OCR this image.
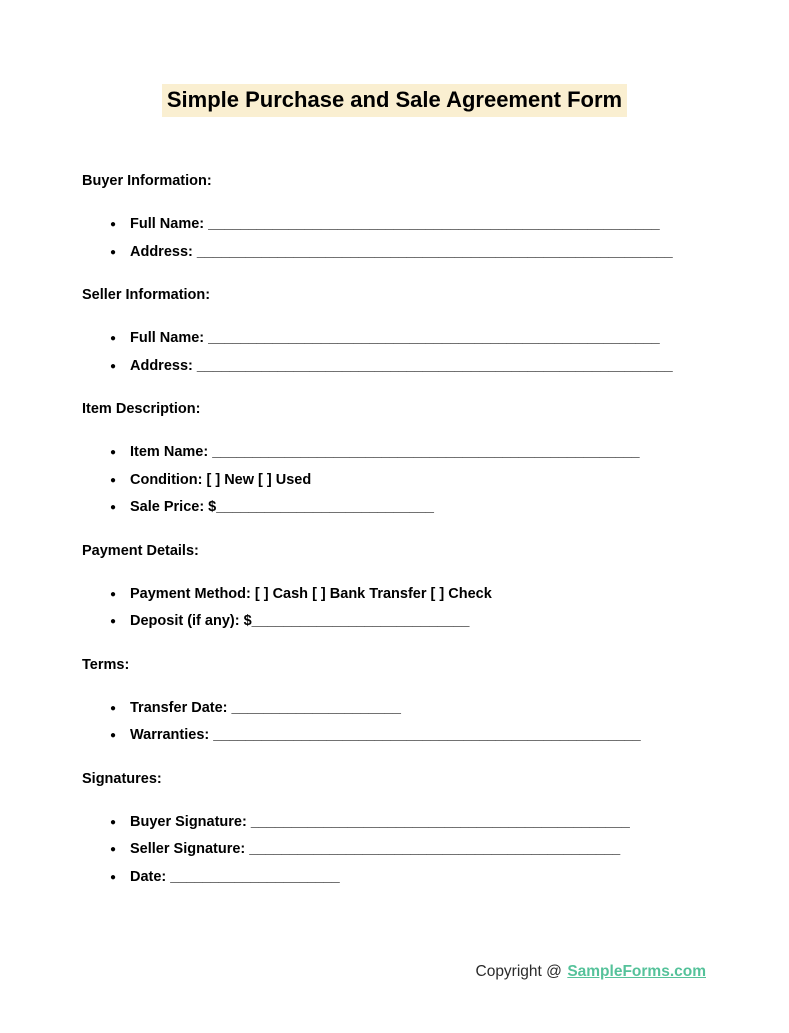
Simple Purchase and Sale Agreement Form
Buyer Information:
● Full Name: ________________________________________________________
● Address: ___________________________________________________________
Seller Information:
● Full Name: ________________________________________________________
● Address: ___________________________________________________________
Item Description:
● Item Name: _____________________________________________________
● Condition: [ ] New [ ] Used
● Sale Price: $___________________________
Payment Details:
● Payment Method: [ ] Cash [ ] Bank Transfer [ ] Check
● Deposit (if any): $___________________________
Terms:
● Transfer Date: _____________________
● Warranties: _____________________________________________________
Signatures:
● Buyer Signature: _______________________________________________
● Seller Signature: ______________________________________________
● Date: _____________________
Copyright @ SampleForms.com
